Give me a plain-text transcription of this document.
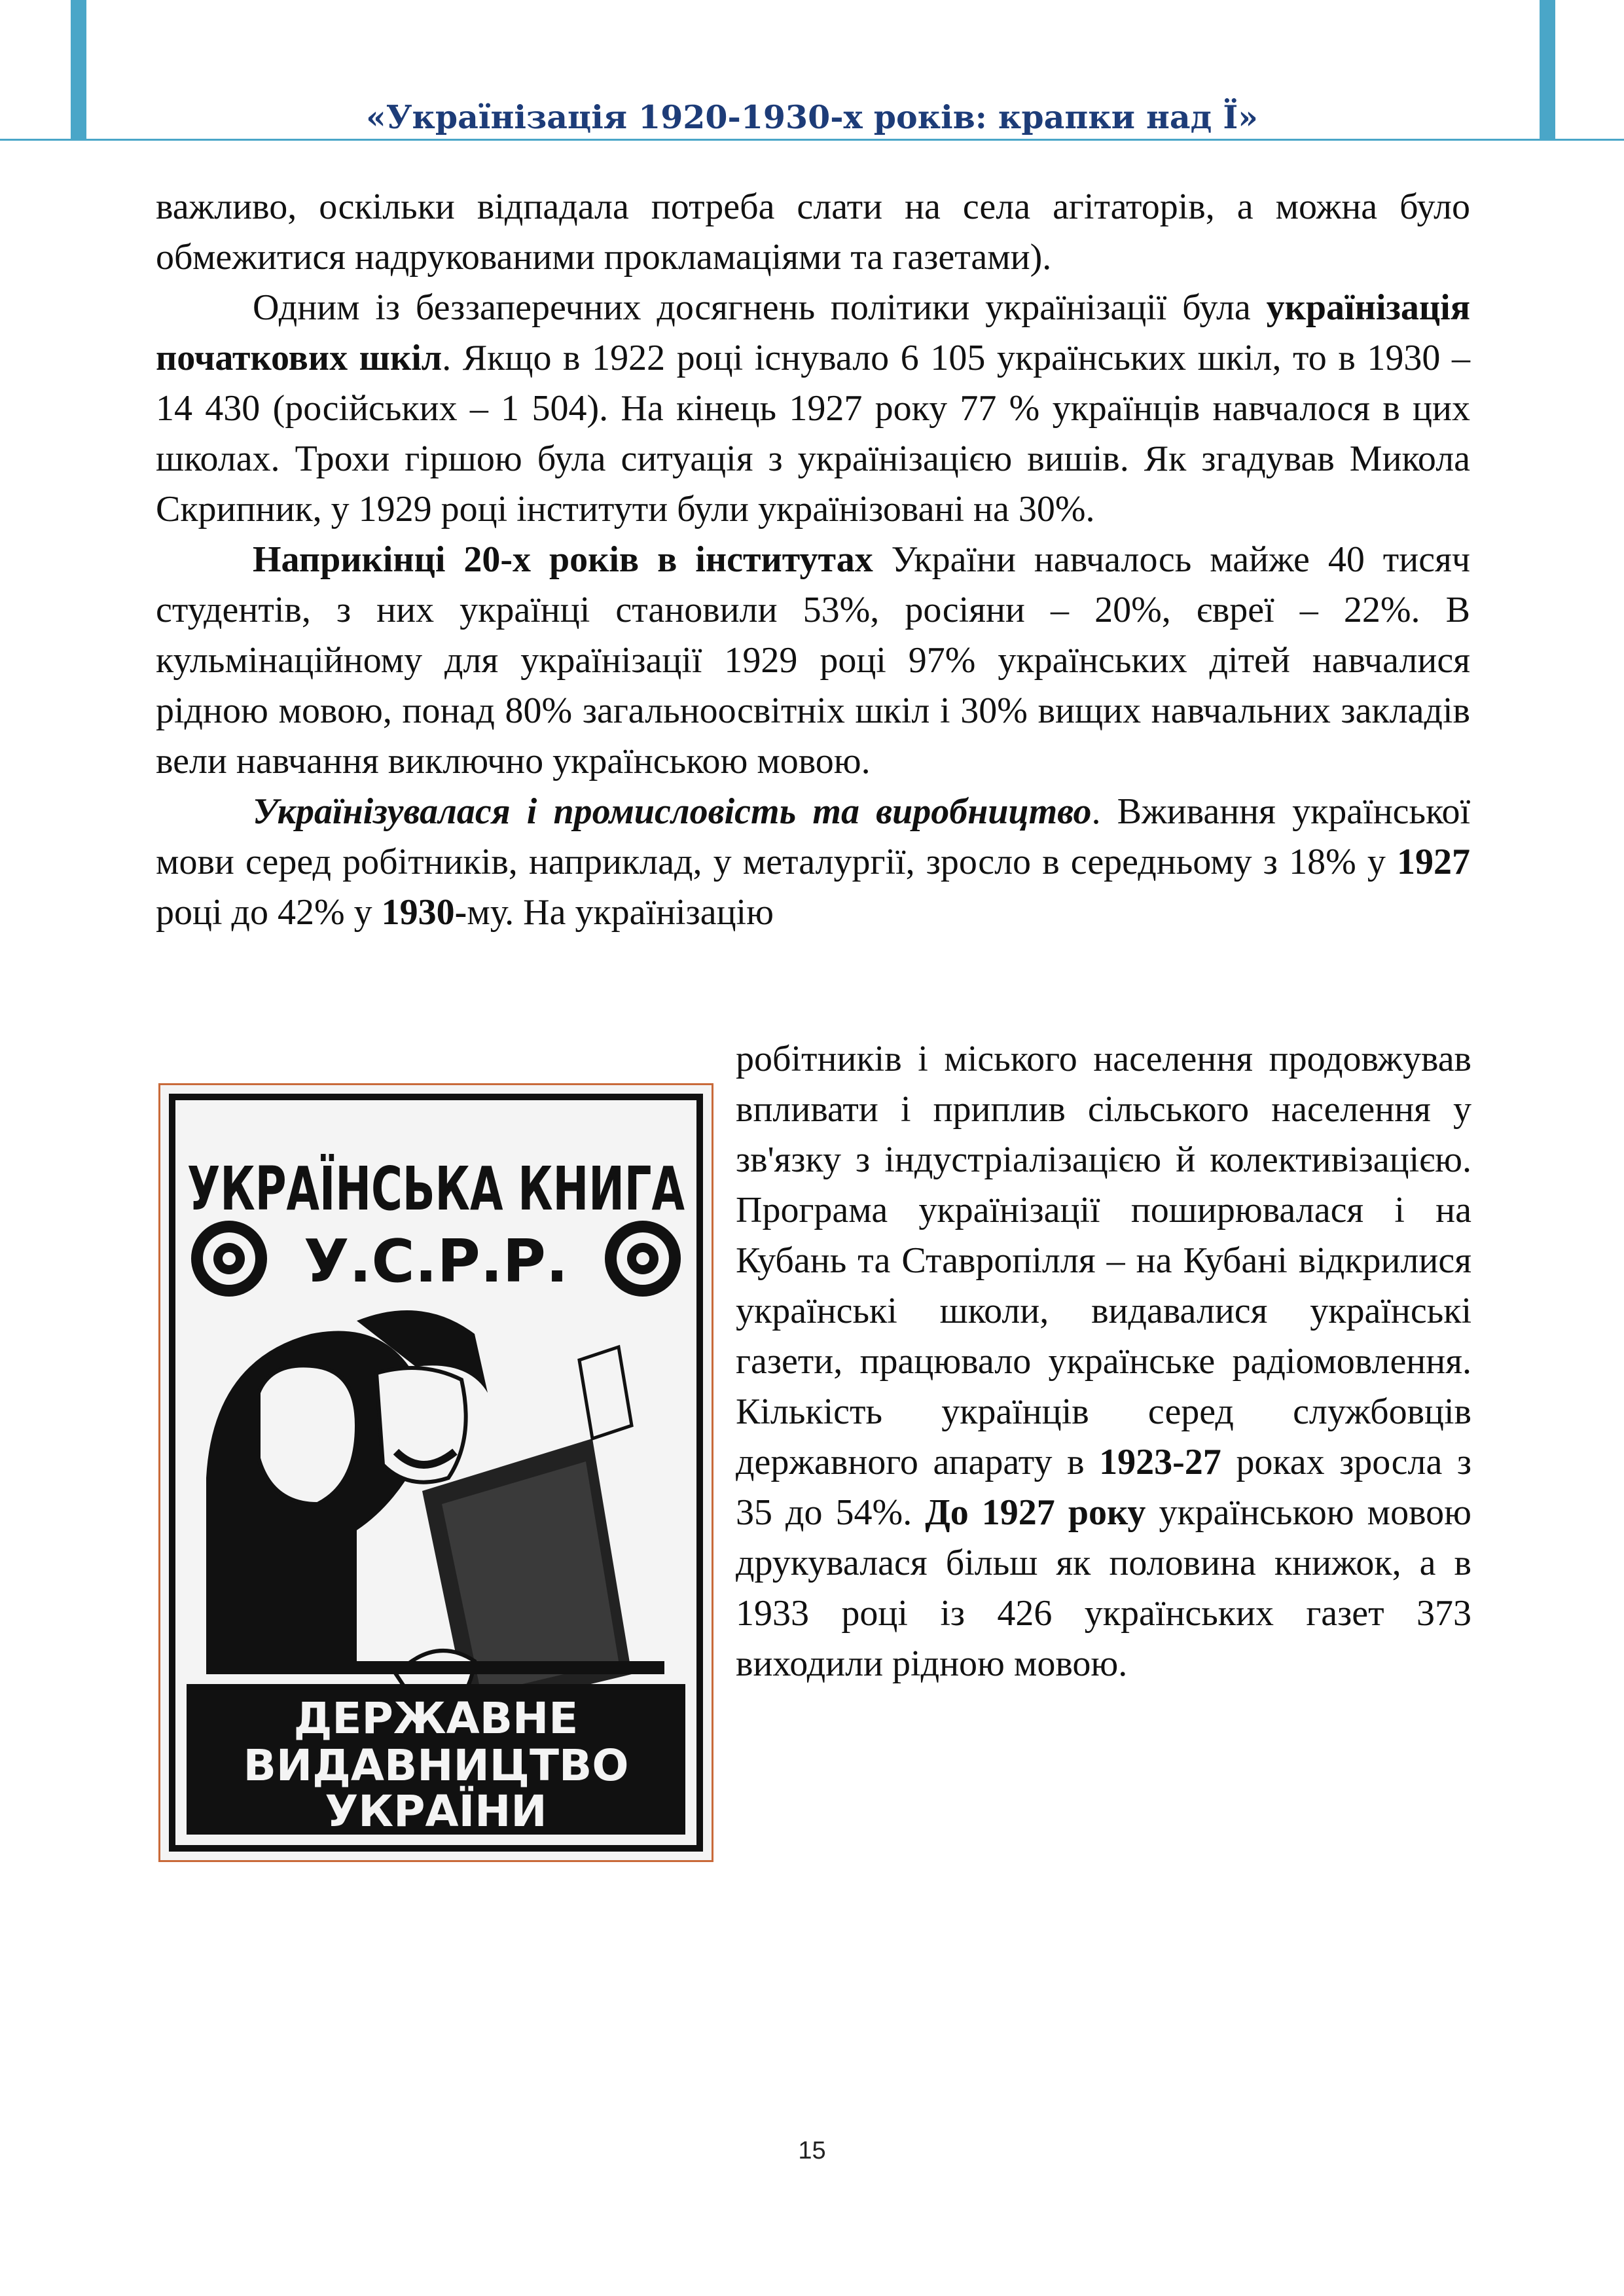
«Українізація 1920-1930-х років: крапки над Ї»

важливо, оскільки відпадала потреба слати на села агітаторів, а можна було обмежитися надрукованими прокламаціями та газетами).

Одним із беззаперечних досягнень політики українізації була українізація початкових шкіл. Якщо в 1922 році існувало 6 105 українських шкіл, то в 1930 – 14 430 (російських – 1 504). На кінець 1927 року 77 % українців навчалося в цих школах. Трохи гіршою була ситуація з українізацією вишів. Як згадував Микола Скрипник, у 1929 році інститути були українізовані на 30%.

Наприкінці 20-х років в інститутах України навчалось майже 40 тисяч студентів, з них українці становили 53%, росіяни – 20%, євреї – 22%. В кульмінаційному для українізації 1929 році 97% українських дітей навчалися рідною мовою, понад 80% загальноосвітніх шкіл і 30% вищих навчальних закладів вели навчання виключно українською мовою.

Українізувалася і промисловість та виробництво. Вживання української мови серед робітників, наприклад, у металургії, зросло в середньому з 18% у 1927 році до 42% у 1930-му. На українізацію

робітників і міського населення продовжував впливати і приплив сільського населення у зв'язку з індустріалізацією й колективізацією. Програма українізації поширювалася і на Кубань та Ставропілля – на Кубані відкрилися українські школи, видавалися українські газети, працювало українське радіомовлення. Кількість українців серед службовців державного апарату в 1923-27 роках зросла з 35 до 54%. До 1927 року українською мовою друкувалася більш як половина книжок, а в 1933 році із 426 українських газет 373 виходили рідною мовою.

УКРАЇНСЬКА КНИГА
У.С.Р.Р.
ДЕРЖАВНЕ
ВИДАВНИЦТВО
УКРАЇНИ
15
